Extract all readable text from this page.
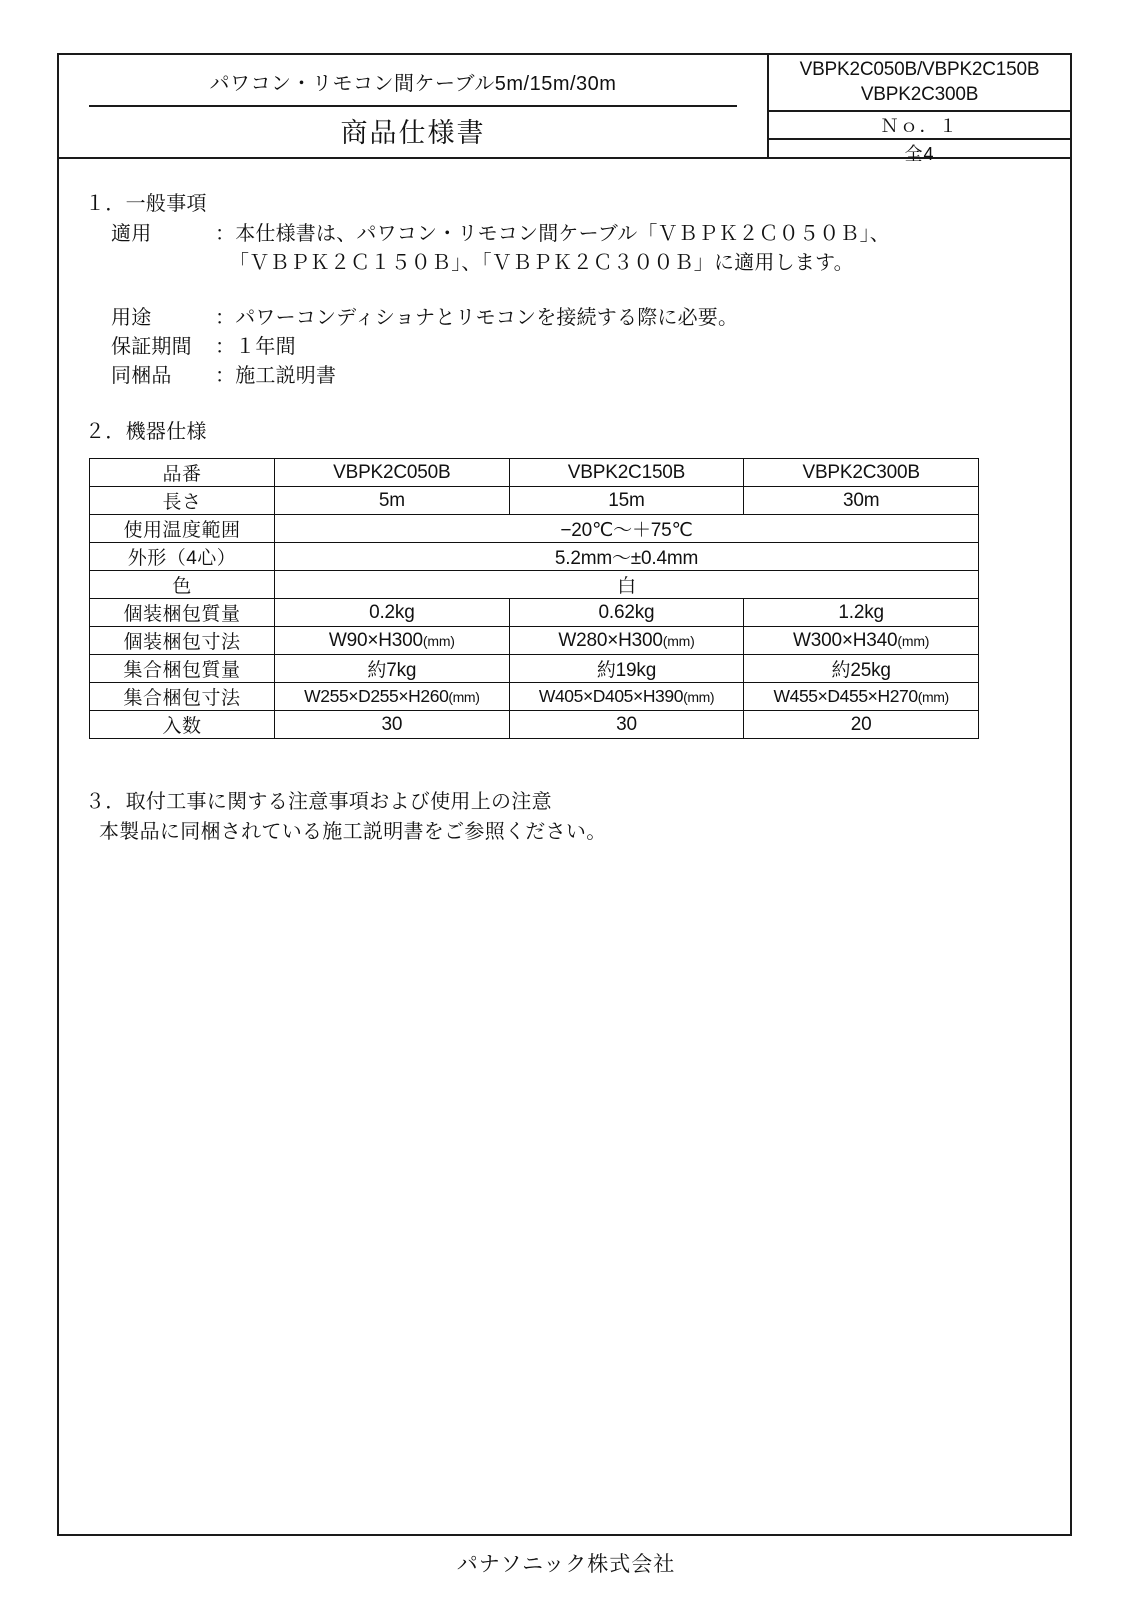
パワコン・リモコン間ケーブル5m/15m/30m
商品仕様書
VBPK2C050B/VBPK2C150B
VBPK2C300B
Ｎｏ．１
全4
１．一般事項
適用	： 本仕様書は、パワコン・リモコン間ケーブル「ＶＢＰＫ２Ｃ０５０Ｂ」、
「ＶＢＰＫ２Ｃ１５０Ｂ」、「ＶＢＰＫ２Ｃ３００Ｂ」に適用します。
用途	： パワーコンディショナとリモコンを接続する際に必要。
保証期間	： １年間
同梱品	： 施工説明書
２．機器仕様
品番	VBPK2C050B	VBPK2C150B	VBPK2C300B
長さ	5m	15m	30m
使用温度範囲	−20℃〜＋75℃		
外形（4心）	5.2mm〜±0.4mm		
色	白		
個装梱包質量	0.2kg	0.62kg	1.2kg
個装梱包寸法	W90×H300(mm)	W280×H300(mm)	W300×H340(mm)
集合梱包質量	約7kg	約19kg	約25kg
集合梱包寸法	W255×D255×H260(mm)	W405×D405×H390(mm)	W455×D455×H270(mm)
入数	30	30	20
３．取付工事に関する注意事項および使用上の注意
本製品に同梱されている施工説明書をご参照ください。
パナソニック株式会社
